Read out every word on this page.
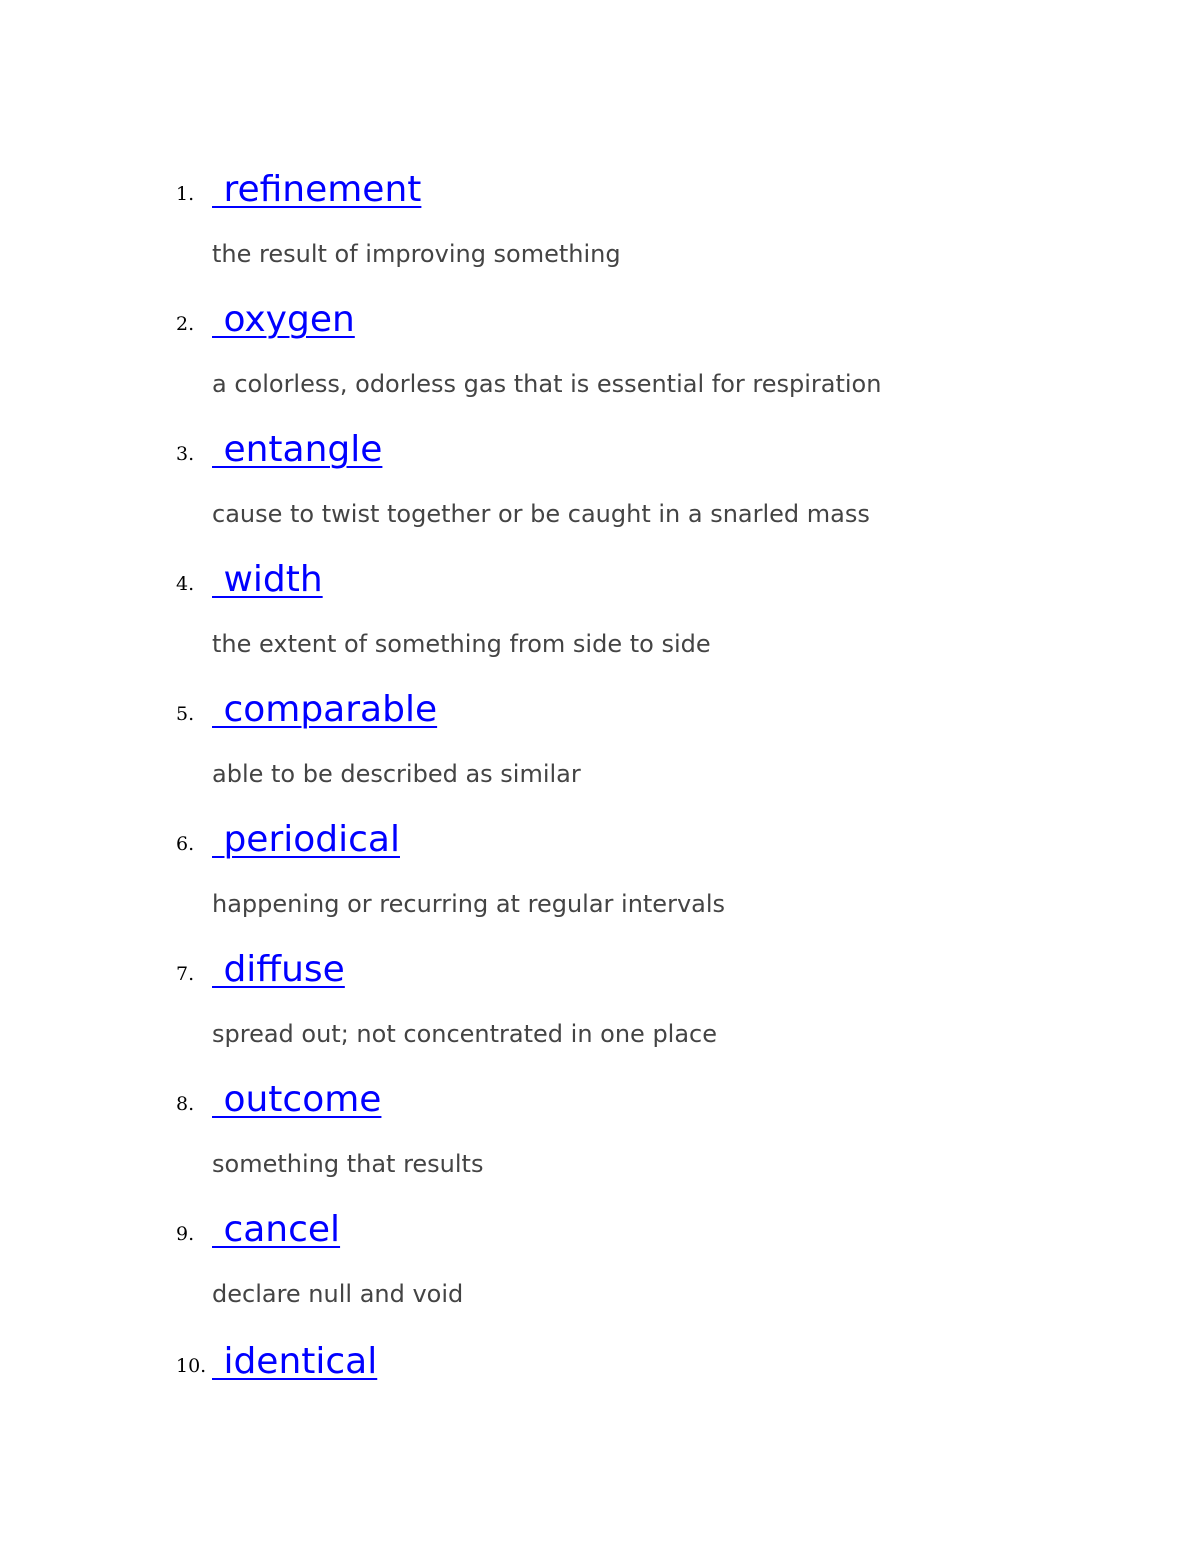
1. refinement
the result of improving something
2. oxygen
a colorless, odorless gas that is essential for respiration
3. entangle
cause to twist together or be caught in a snarled mass
4. width
the extent of something from side to side
5. comparable
able to be described as similar
6. periodical
happening or recurring at regular intervals
7. diffuse
spread out; not concentrated in one place
8. outcome
something that results
9. cancel
declare null and void
10. identical
